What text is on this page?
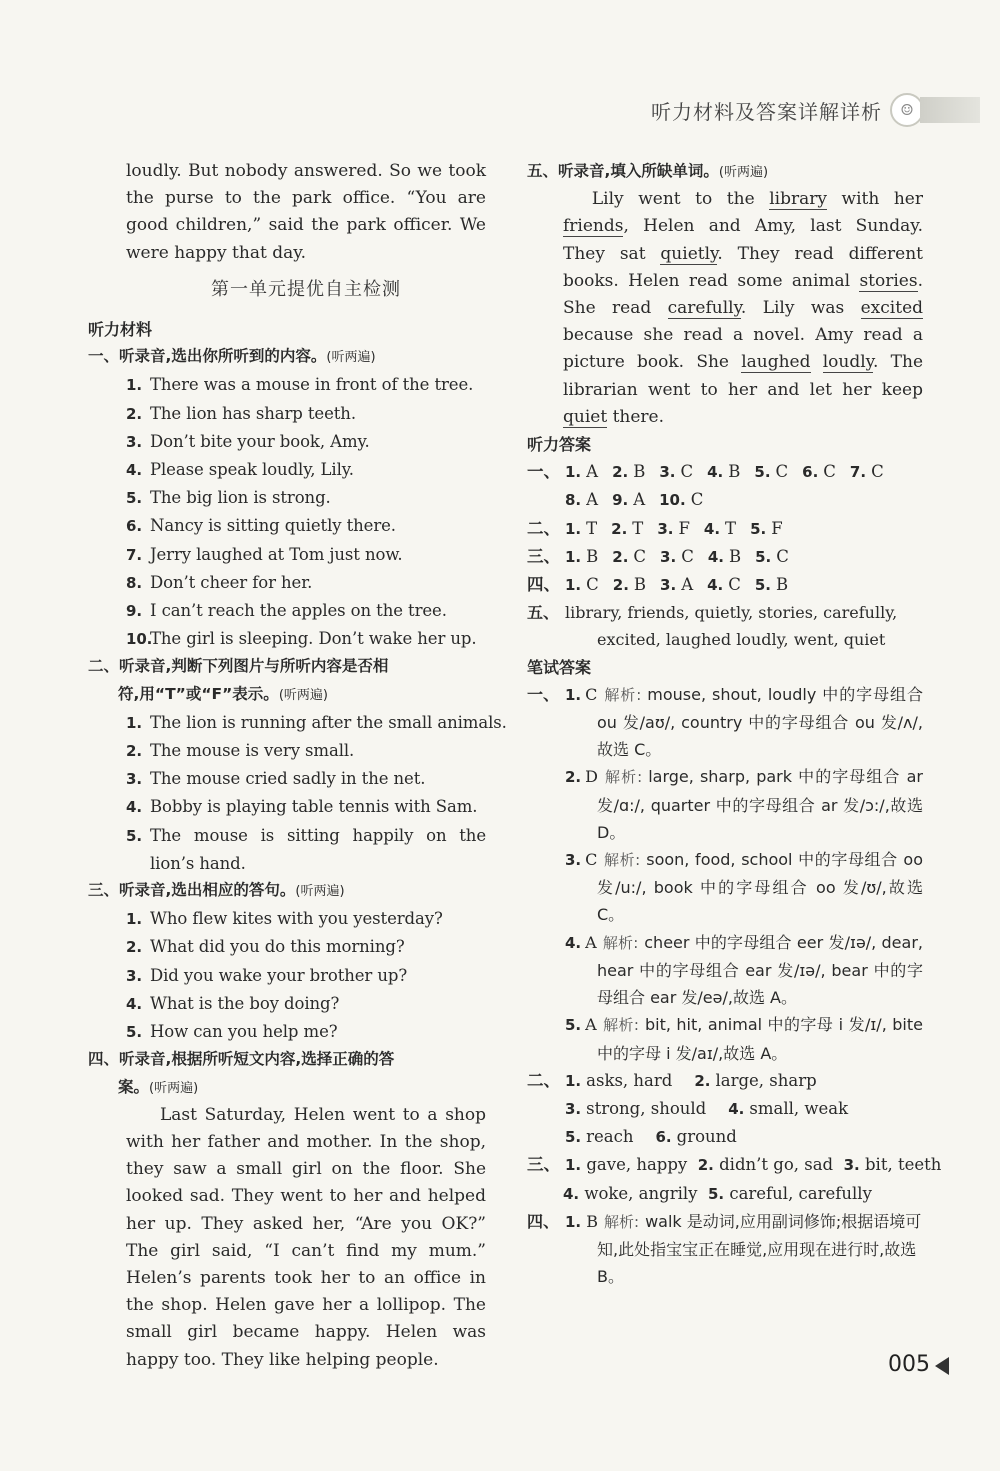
听力材料及答案详解详析	☺
loudly. But nobody answered. So we took
the purse to the park office. “You are
good children,” said the park officer. We
were happy that day.
第一单元提优自主检测
听力材料
一、听录音,选出你所听到的内容。(听两遍)
1. There was a mouse in front of the tree.
2. The lion has sharp teeth.
3. Don’t bite your book, Amy.
4. Please speak loudly, Lily.
5. The big lion is strong.
6. Nancy is sitting quietly there.
7. Jerry laughed at Tom just now.
8. Don’t cheer for her.
9. I can’t reach the apples on the tree.
10.The girl is sleeping. Don’t wake her up.
二、听录音,判断下列图片与所听内容是否相
符,用“T”或“F”表示。(听两遍)
1. The lion is running after the small animals.
2. The mouse is very small.
3. The mouse cried sadly in the net.
4. Bobby is playing table tennis with Sam.
5. The mouse is sitting happily on the lion’s hand.
三、听录音,选出相应的答句。(听两遍)
1. Who flew kites with you yesterday?
2. What did you do this morning?
3. Did you wake your brother up?
4. What is the boy doing?
5. How can you help me?
四、听录音,根据所听短文内容,选择正确的答
案。(听两遍)
Last Saturday, Helen went to a shop with her father and mother. In the shop, they saw a small girl on the floor. She looked sad. They went to her and helped her up. They asked her, “Are you OK?” The girl said, “I can’t find my mum.” Helen’s parents took her to an office in the shop. Helen gave her a lollipop. The small girl became happy. Helen was happy too. They like helping people.
五、听录音,填入所缺单词。(听两遍)
Lily went to the library with her friends, Helen and Amy, last Sunday. They sat quietly. They read different books. Helen read some animal stories. She read carefully. Lily was excited because she read a novel. Amy read a picture book. She laughed loudly. The librarian went to her and let her keep quiet there.
听力答案
一、 1. A 2. B 3. C 4. B 5. C 6. C 7. C
8. A 9. A 10. C
二、 1. T 2. T 3. F 4. T 5. F
三、 1. B 2. C 3. C 4. B 5. C
四、 1. C 2. B 3. A 4. C 5. B
五、 library, friends, quietly, stories, carefully, excited, laughed loudly, went, quiet
笔试答案
一、 1. C 解析: mouse, shout, loudly 中的字母组合 ou 发/aʊ/, country 中的字母组合 ou 发/ʌ/,故选 C。
2. D 解析: large, sharp, park 中的字母组合 ar 发/ɑ:/, quarter 中的字母组合 ar 发/ɔ:/,故选 D。
3. C 解析: soon, food, school 中的字母组合 oo 发/u:/, book 中的字母组合 oo 发/ʊ/,故选 C。
4. A 解析: cheer 中的字母组合 eer 发/ɪə/, dear, hear 中的字母组合 ear 发/ɪə/, bear 中的字母组合 ear 发/eə/,故选 A。
5. A 解析: bit, hit, animal 中的字母 i 发/ɪ/, bite 中的字母 i 发/aɪ/,故选 A。
二、 1. asks, hard 2. large, sharp
3. strong, should 4. small, weak
5. reach 6. ground
三、 1. gave, happy 2. didn’t go, sad 3. bit, teeth
4. woke, angrily 5. careful, carefully
四、 1. B 解析: walk 是动词,应用副词修饰;根据语境可知,此处指宝宝正在睡觉,应用现在进行时,故选 B。
005
